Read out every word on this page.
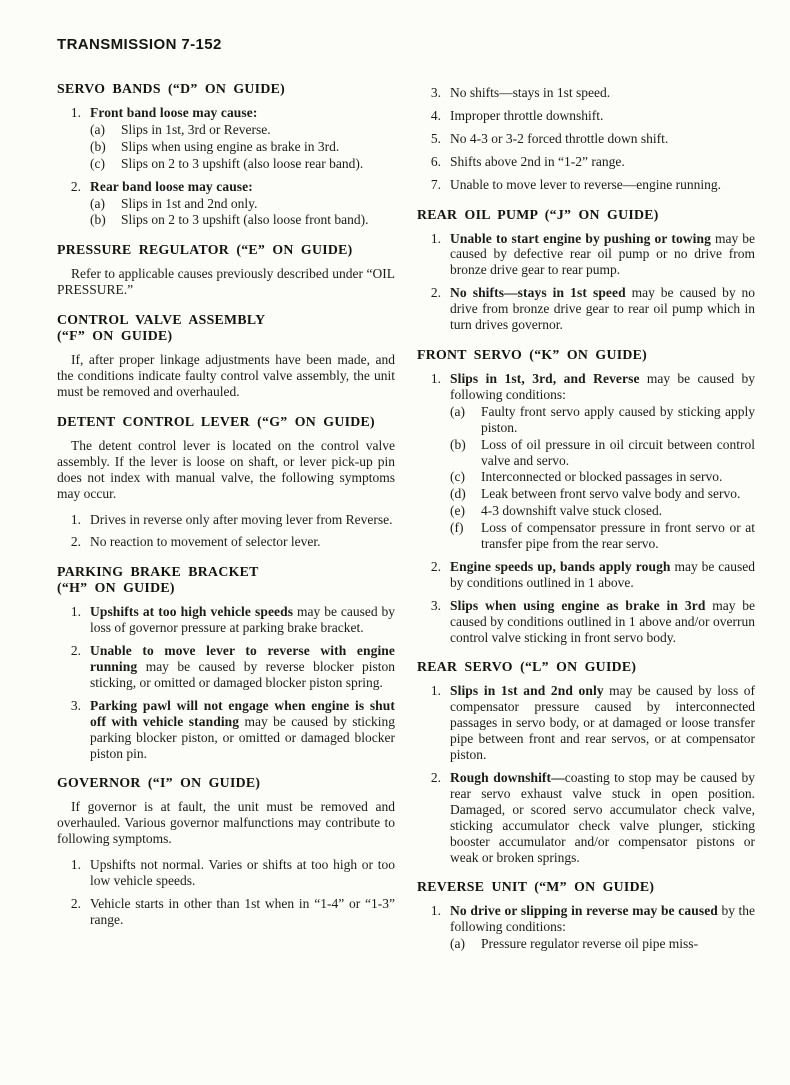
TRANSMISSION 7-152
SERVO BANDS (“D” ON GUIDE)
1. Front band loose may cause:
(a)	Slips in 1st, 3rd or Reverse.
(b)	Slips when using engine as brake in 3rd.
(c)	Slips on 2 to 3 upshift (also loose rear band).
2. Rear band loose may cause:
(a)	Slips in 1st and 2nd only.
(b)	Slips on 2 to 3 upshift (also loose front band).
PRESSURE REGULATOR (“E” ON GUIDE)
Refer to applicable causes previously described under “OIL PRESSURE.”
CONTROL VALVE ASSEMBLY
(“F” ON GUIDE)
If, after proper linkage adjustments have been made, and the conditions indicate faulty control valve assembly, the unit must be removed and overhauled.
DETENT CONTROL LEVER (“G” ON GUIDE)
The detent control lever is located on the control valve assembly. If the lever is loose on shaft, or lever pick-up pin does not index with manual valve, the following symptoms may occur.
1. Drives in reverse only after moving lever from Reverse.
2. No reaction to movement of selector lever.
PARKING BRAKE BRACKET
(“H” ON GUIDE)
1. Upshifts at too high vehicle speeds may be caused by loss of governor pressure at parking brake bracket.
2. Unable to move lever to reverse with engine running may be caused by reverse blocker piston sticking, or omitted or damaged blocker piston spring.
3. Parking pawl will not engage when engine is shut off with vehicle standing may be caused by sticking parking blocker piston, or omitted or damaged blocker piston pin.
GOVERNOR (“I” ON GUIDE)
If governor is at fault, the unit must be removed and overhauled. Various governor malfunctions may contribute to following symptoms.
1. Upshifts not normal. Varies or shifts at too high or too low vehicle speeds.
2. Vehicle starts in other than 1st when in “1-4” or “1-3” range.
3. No shifts—stays in 1st speed.
4. Improper throttle downshift.
5. No 4-3 or 3-2 forced throttle down shift.
6. Shifts above 2nd in “1-2” range.
7. Unable to move lever to reverse—engine running.
REAR OIL PUMP (“J” ON GUIDE)
1. Unable to start engine by pushing or towing may be caused by defective rear oil pump or no drive from bronze drive gear to rear pump.
2. No shifts—stays in 1st speed may be caused by no drive from bronze drive gear to rear oil pump which in turn drives governor.
FRONT SERVO (“K” ON GUIDE)
1. Slips in 1st, 3rd, and Reverse may be caused by following conditions:
(a)	Faulty front servo apply caused by sticking apply piston.
(b)	Loss of oil pressure in oil circuit between control valve and servo.
(c)	Interconnected or blocked passages in servo.
(d)	Leak between front servo valve body and servo.
(e)	4-3 downshift valve stuck closed.
(f)	Loss of compensator pressure in front servo or at transfer pipe from the rear servo.
2. Engine speeds up, bands apply rough may be caused by conditions outlined in 1 above.
3. Slips when using engine as brake in 3rd may be caused by conditions outlined in 1 above and/or overrun control valve sticking in front servo body.
REAR SERVO (“L” ON GUIDE)
1. Slips in 1st and 2nd only may be caused by loss of compensator pressure caused by interconnected passages in servo body, or at damaged or loose transfer pipe between front and rear servos, or at compensator piston.
2. Rough downshift—coasting to stop may be caused by rear servo exhaust valve stuck in open position. Damaged, or scored servo accumulator check valve, sticking accumulator check valve plunger, sticking booster accumulator and/or compensator pistons or weak or broken springs.
REVERSE UNIT (“M” ON GUIDE)
1. No drive or slipping in reverse may be caused by the following conditions:
(a)	Pressure regulator reverse oil pipe miss-
